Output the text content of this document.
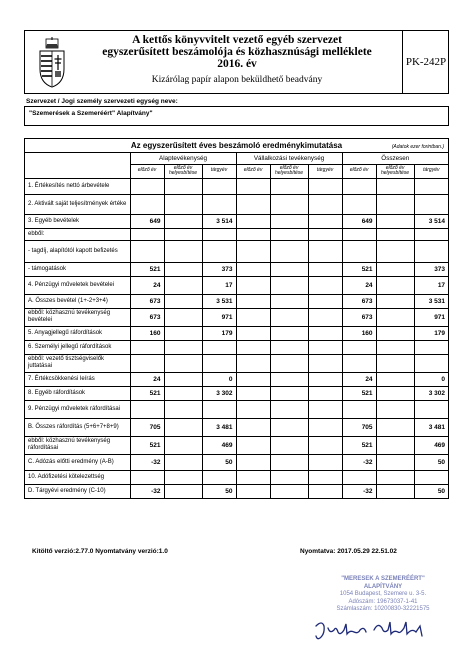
A kettős könyvvitelt vezető egyéb szervezet
egyszerűsített beszámolója és közhasznúsági melléklete
2016. év
Kizárólag papír alapon beküldhető beadvány
PK-242P
Szervezet / Jogi személy szervezeti egység neve:
"Szemerések a Szemeréért" Alapítvány"
Az egyszerűsített éves beszámoló eredménykimutatása	(Adatok ezer forintban.)
	Alaptevékenység			Vállalkozási tevékenység			Összesen		
	előző év	előző év helyesbítése	tárgyév	előző év	előző év helyesbítése	tárgyév	előző év	előző év helyesbítése	tárgyév
1. Értékesítés nettó árbevétele									
2. Aktivált saját teljesítmények értéke									
3. Egyéb bevételek	649		3 514				649		3 514
ebből:									
- tagdíj, alapítótól kapott befizetés									
- támogatások	521		373				521		373
4. Pénzügyi műveletek bevételei	24		17				24		17
A. Összes bevétel (1+-2+3+4)	673		3 531				673		3 531
ebből: közhasznú tevékenység bevételei	673		971				673		971
5. Anyagjellegű ráfordítások	160		179				160		179
6. Személyi jellegű ráfordítások									
ebből: vezető tisztségviselők juttatásai									
7. Értékcsökkenési leírás	24		0				24		0
8. Egyéb ráfordítások	521		3 302				521		3 302
9. Pénzügyi műveletek ráfordításai									
B. Összes ráfordítás (5+6+7+8+9)	705		3 481				705		3 481
ebből: közhasznú tevékenység ráfordításai	521		469				521		469
C. Adózás előtti eredmény (A-B)	-32		50				-32		50
10. Adófizetési kötelezettség									
D. Tárgyévi eredmény (C-10)	-32		50				-32		50
Kitöltő verzió:2.77.0 Nyomtatvány verzió:1.0	Nyomtatva: 2017.05.29 22.51.02
"MERESEK A SZEMERÉÉRT"
ALAPÍTVÁNY
1054 Budapest, Szemere u. 3-5.
Adószám: 19673037-1-41
Számlaszám: 10200830-32221575
